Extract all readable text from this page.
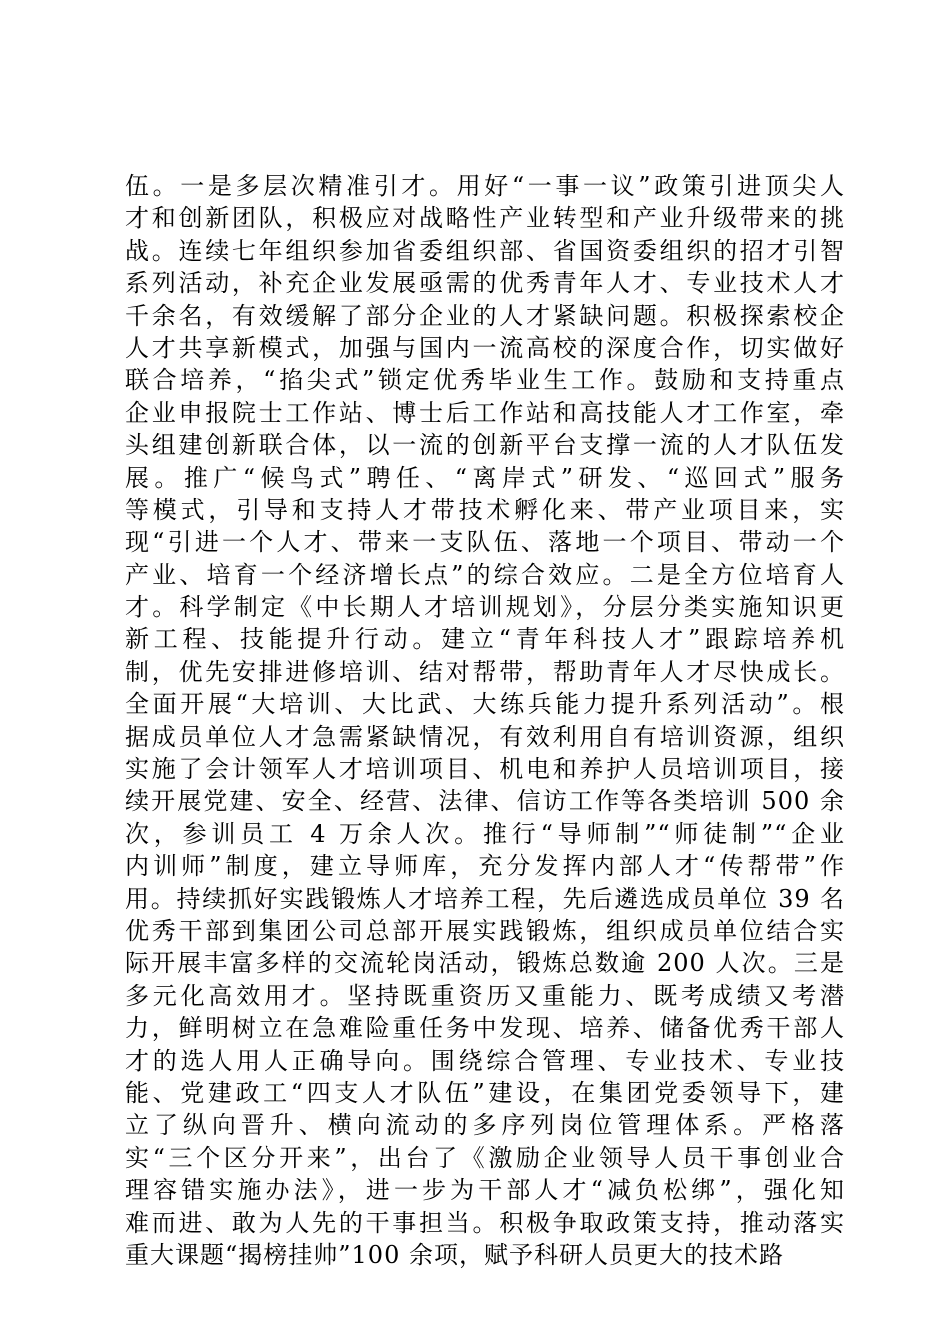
伍。一是多层次精准引才。用好“一事一议”政策引进顶尖人
才和创新团队，积极应对战略性产业转型和产业升级带来的挑
战。连续七年组织参加省委组织部、省国资委组织的招才引智
系列活动，补充企业发展亟需的优秀青年人才、专业技术人才
千余名，有效缓解了部分企业的人才紧缺问题。积极探索校企
人才共享新模式，加强与国内一流高校的深度合作，切实做好
联合培养，“掐尖式”锁定优秀毕业生工作。鼓励和支持重点
企业申报院士工作站、博士后工作站和高技能人才工作室，牵
头组建创新联合体，以一流的创新平台支撑一流的人才队伍发
展。推广“候鸟式”聘任、“离岸式”研发、“巡回式”服务
等模式，引导和支持人才带技术孵化来、带产业项目来，实
现“引进一个人才、带来一支队伍、落地一个项目、带动一个
产业、培育一个经济增长点”的综合效应。二是全方位培育人
才。科学制定《中长期人才培训规划》，分层分类实施知识更
新工程、技能提升行动。建立“青年科技人才”跟踪培养机
制，优先安排进修培训、结对帮带，帮助青年人才尽快成长。
全面开展“大培训、大比武、大练兵能力提升系列活动”。根
据成员单位人才急需紧缺情况，有效利用自有培训资源，组织
实施了会计领军人才培训项目、机电和养护人员培训项目，接
续开展党建、安全、经营、法律、信访工作等各类培训 500 余
次，参训员工 4 万余人次。推行“导师制”“师徒制”“企业
内训师”制度，建立导师库，充分发挥内部人才“传帮带”作
用。持续抓好实践锻炼人才培养工程，先后遴选成员单位 39 名
优秀干部到集团公司总部开展实践锻炼，组织成员单位结合实
际开展丰富多样的交流轮岗活动，锻炼总数逾 200 人次。三是
多元化高效用才。坚持既重资历又重能力、既考成绩又考潜
力，鲜明树立在急难险重任务中发现、培养、储备优秀干部人
才的选人用人正确导向。围绕综合管理、专业技术、专业技
能、党建政工“四支人才队伍”建设，在集团党委领导下，建
立了纵向晋升、横向流动的多序列岗位管理体系。严格落
实“三个区分开来”，出台了《激励企业领导人员干事创业合
理容错实施办法》，进一步为干部人才“减负松绑”，强化知
难而进、敢为人先的干事担当。积极争取政策支持，推动落实
重大课题“揭榜挂帅”100 余项，赋予科研人员更大的技术路
